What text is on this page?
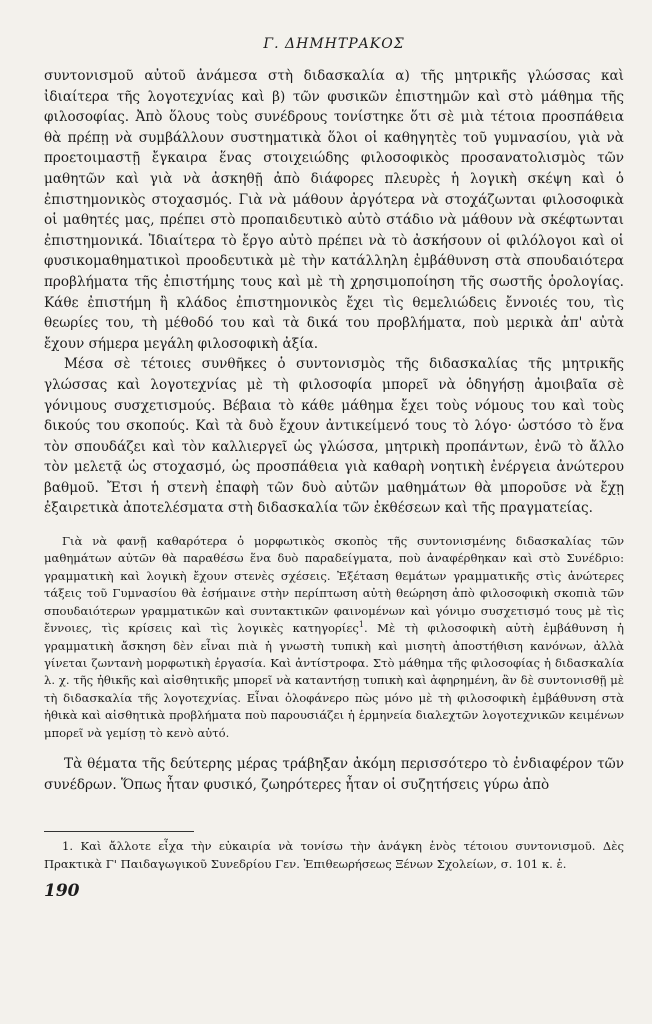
Γ. ΔΗΜΗΤΡΑΚΟΣ

συντονισμοῦ αὐτοῦ ἀνάμεσα στὴ διδασκαλία α) τῆς μητρικῆς γλώσσας καὶ ἰδιαίτερα τῆς λογοτεχνίας καὶ β) τῶν φυσικῶν ἐπιστημῶν καὶ στὸ μάθημα τῆς φιλοσοφίας. Ἀπὸ ὅλους τοὺς συνέδρους τονίστηκε ὅτι σὲ μιὰ τέτοια προσπάθεια θὰ πρέπῃ νὰ συμβάλλουν συστηματικὰ ὅλοι οἱ καθηγητὲς τοῦ γυμνασίου, γιὰ νὰ προετοιμαστῇ ἔγκαιρα ἕνας στοιχειώδης φιλοσοφικὸς προσανατολισμὸς τῶν μαθητῶν καὶ γιὰ νὰ ἀσκηθῇ ἀπὸ διάφορες πλευρὲς ἡ λογικὴ σκέψη καὶ ὁ ἐπιστημονικὸς στοχασμός. Γιὰ νὰ μάθουν ἀργότερα νὰ στοχάζωνται φιλοσοφικὰ οἱ μαθητές μας, πρέπει στὸ προπαιδευτικὸ αὐτὸ στάδιο νὰ μάθουν νὰ σκέφτωνται ἐπιστημονικά. Ἰδιαίτερα τὸ ἔργο αὐτὸ πρέπει νὰ τὸ ἀσκήσουν οἱ φιλόλογοι καὶ οἱ φυσικομαθηματικοὶ προοδευτικὰ μὲ τὴν κατάλληλη ἐμβάθυνση στὰ σπουδαιότερα προβλήματα τῆς ἐπιστήμης τους καὶ μὲ τὴ χρησιμοποίηση τῆς σωστῆς ὁρολογίας. Κάθε ἐπιστήμη ἢ κλάδος ἐπιστημονικὸς ἔχει τὶς θεμελιώδεις ἔννοιές του, τὶς θεωρίες του, τὴ μέθοδό του καὶ τὰ δικά του προβλήματα, ποὺ μερικὰ ἀπ' αὐτὰ ἔχουν σήμερα μεγάλη φιλοσοφικὴ ἀξία.

Μέσα σὲ τέτοιες συνθῆκες ὁ συντονισμὸς τῆς διδασκαλίας τῆς μητρικῆς γλώσσας καὶ λογοτεχνίας μὲ τὴ φιλοσοφία μπορεῖ νὰ ὁδηγήσῃ ἀμοιβαῖα σὲ γόνιμους συσχετισμούς. Βέβαια τὸ κάθε μάθημα ἔχει τοὺς νόμους του καὶ τοὺς δικούς του σκοπούς. Καὶ τὰ δυὸ ἔχουν ἀντικείμενό τους τὸ λόγο· ὡστόσο τὸ ἕνα τὸν σπουδάζει καὶ τὸν καλλιεργεῖ ὡς γλώσσα, μητρικὴ προπάντων, ἐνῶ τὸ ἄλλο τὸν μελετᾷ ὡς στοχασμό, ὡς προσπάθεια γιὰ καθαρὴ νοητικὴ ἐνέργεια ἀνώτερου βαθμοῦ. Ἔτσι ἡ στενὴ ἐπαφὴ τῶν δυὸ αὐτῶν μαθημάτων θὰ μποροῦσε νὰ ἔχῃ ἐξαιρετικὰ ἀποτελέσματα στὴ διδασκαλία τῶν ἐκθέσεων καὶ τῆς πραγματείας.

Γιὰ νὰ φανῇ καθαρότερα ὁ μορφωτικὸς σκοπὸς τῆς συντονισμένης διδασκαλίας τῶν μαθημάτων αὐτῶν θὰ παραθέσω ἕνα δυὸ παραδείγματα, ποὺ ἀναφέρθηκαν καὶ στὸ Συνέδριο: γραμματικὴ καὶ λογικὴ ἔχουν στενὲς σχέσεις. Ἐξέταση θεμάτων γραμματικῆς στὶς ἀνώτερες τάξεις τοῦ Γυμνασίου θὰ ἐσήμαινε στὴν περίπτωση αὐτὴ θεώρηση ἀπὸ φιλοσοφικὴ σκοπιὰ τῶν σπουδαιότερων γραμματικῶν καὶ συντακτικῶν φαινομένων καὶ γόνιμο συσχετισμό τους μὲ τὶς ἔννοιες, τὶς κρίσεις καὶ τὶς λογικὲς κατηγορίες$^1$. Μὲ τὴ φιλοσοφικὴ αὐτὴ ἐμβάθυνση ἡ γραμματικὴ ἄσκηση δὲν εἶναι πιὰ ἡ γνωστὴ τυπικὴ καὶ μισητὴ ἀποστήθιση κανόνων, ἀλλὰ γίνεται ζωντανὴ μορφωτικὴ ἐργασία. Καὶ ἀντίστροφα. Στὸ μάθημα τῆς φιλοσοφίας ἡ διδασκαλία λ. χ. τῆς ἠθικῆς καὶ αἰσθητικῆς μπορεῖ νὰ καταντήσῃ τυπικὴ καὶ ἀφηρημένη, ἂν δὲ συντονισθῇ μὲ τὴ διδασκαλία τῆς λογοτεχνίας. Εἶναι ὁλοφάνερο πὼς μόνο μὲ τὴ φιλοσοφικὴ ἐμβάθυνση στὰ ἠθικὰ καὶ αἰσθητικὰ προβλήματα ποὺ παρουσιάζει ἡ ἑρμηνεία διαλεχτῶν λογοτεχνικῶν κειμένων μπορεῖ νὰ γεμίσῃ τὸ κενὸ αὐτό.

Τὰ θέματα τῆς δεύτερης μέρας τράβηξαν ἀκόμη περισσότερο τὸ ἐνδιαφέρον τῶν συνέδρων. Ὅπως ἦταν φυσικό, ζωηρότερες ἦταν οἱ συζητήσεις γύρω ἀπὸ

1. Καὶ ἄλλοτε εἶχα τὴν εὐκαιρία νὰ τονίσω τὴν ἀνάγκη ἑνὸς τέτοιου συντονισμοῦ. Δὲς Πρακτικὰ Γ' Παιδαγωγικοῦ Συνεδρίου Γεν. Ἐπιθεωρήσεως Ξένων Σχολείων, σ. 101 κ. ἑ.

190
